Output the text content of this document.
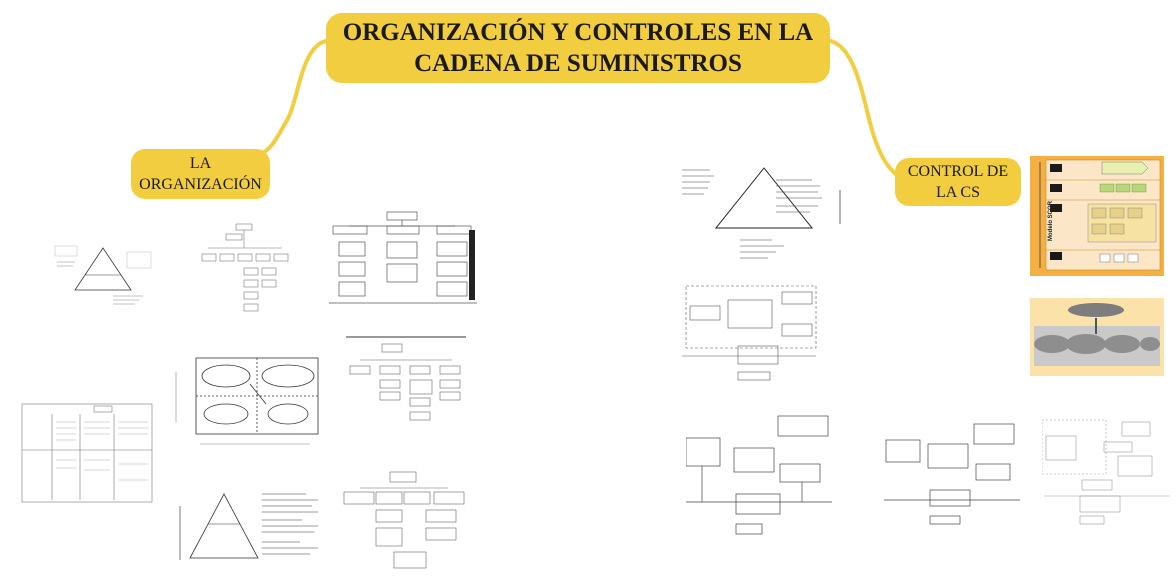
ORGANIZACIÓN Y CONTROLES EN LA
CADENA DE SUMINISTROS
LA
ORGANIZACIÓN
CONTROL DE
LA CS
Modelo SCOR
